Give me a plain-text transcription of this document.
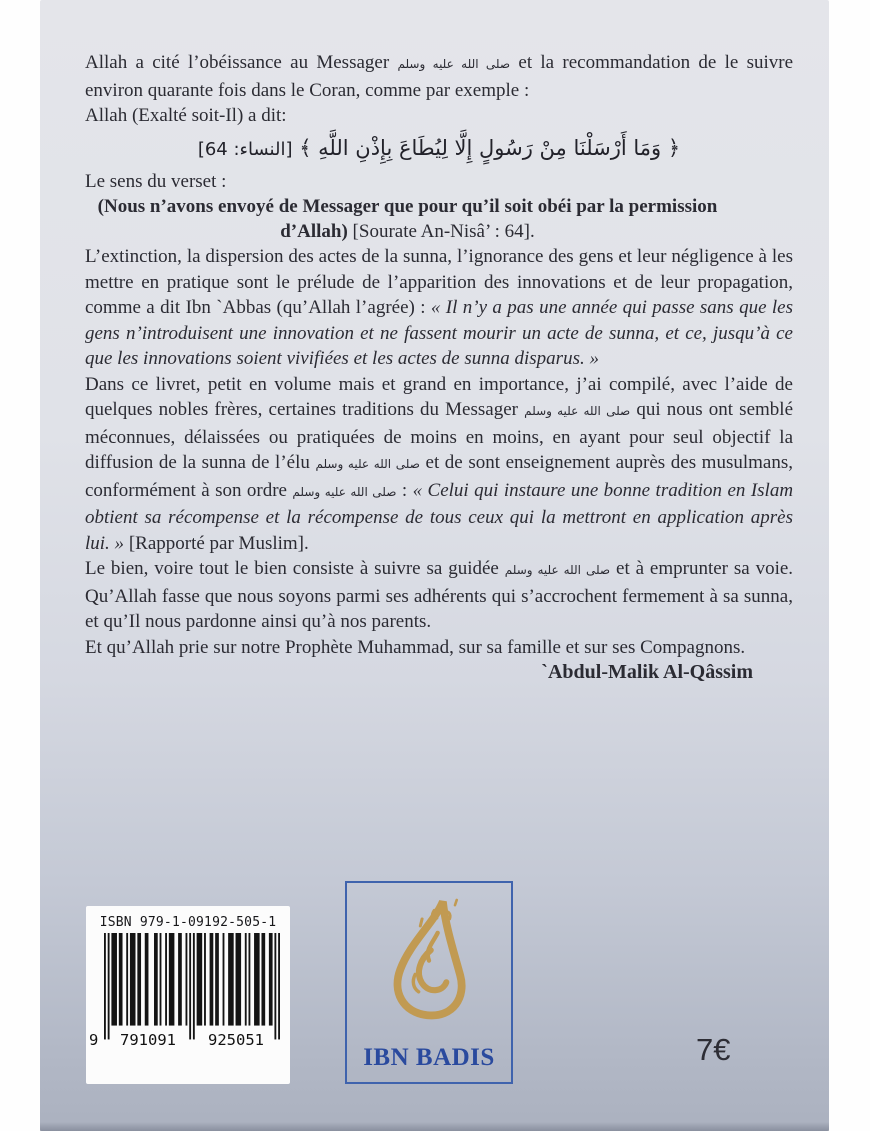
Allah a cité l’obéissance au Messager صلى الله عليه وسلم et la recommandation de le suivre environ quarante fois dans le Coran, comme par exemple :

Allah (Exalté soit-Il) a dit:

﴿ وَمَا أَرْسَلْنَا مِنْ رَسُولٍ إِلَّا لِيُطَاعَ بِإِذْنِ اللَّهِ ﴾ [النساء: 64]

Le sens du verset :

(Nous n’avons envoyé de Messager que pour qu’il soit obéi par la permission d’Allah) [Sourate An-Nisâ’ : 64].

L’extinction, la dispersion des actes de la sunna, l’ignorance des gens et leur négligence à les mettre en pratique sont le prélude de l’apparition des innovations et de leur propagation, comme a dit Ibn `Abbas (qu’Allah l’agrée) : « Il n’y a pas une année qui passe sans que les gens n’introduisent une innovation et ne fassent mourir un acte de sunna, et ce, jusqu’à ce que les innovations soient vivifiées et les actes de sunna disparus. »

Dans ce livret, petit en volume mais et grand en importance, j’ai compilé, avec l’aide de quelques nobles frères, certaines traditions du Messager صلى الله عليه وسلم qui nous ont semblé méconnues, délaissées ou pratiquées de moins en moins, en ayant pour seul objectif la diffusion de la sunna de l’élu صلى الله عليه وسلم et de sont enseignement auprès des musulmans, conformément à son ordre صلى الله عليه وسلم : « Celui qui instaure une bonne tradition en Islam obtient sa récompense et la récompense de tous ceux qui la mettront en application après lui. » [Rapporté par Muslim].

Le bien, voire tout le bien consiste à suivre sa guidée صلى الله عليه وسلم et à emprunter sa voie. Qu’Allah fasse que nous soyons parmi ses adhérents qui s’accrochent fermement à sa sunna, et qu’Il nous pardonne ainsi qu’à nos parents.

Et qu’Allah prie sur notre Prophète Muhammad, sur sa famille et sur ses Compagnons.

`Abdul-Malik Al-Qâssim

ISBN 979-1-09192-505-1
9	791091	925051
IBN BADIS	7€
